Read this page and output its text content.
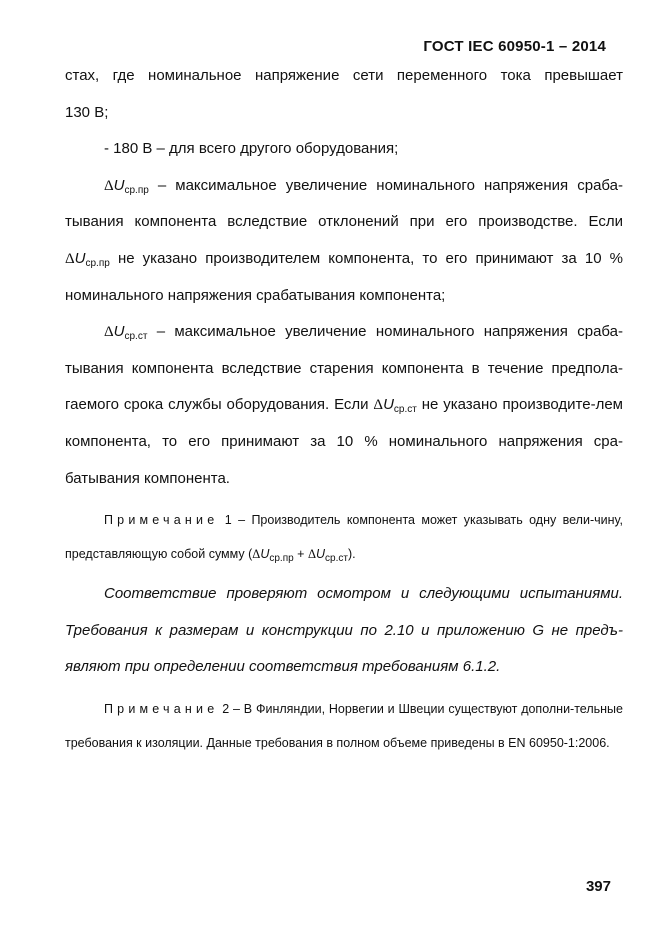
ГОСТ IEC 60950-1 – 2014

стах, где номинальное напряжение сети переменного тока превышает

130 В;

- 180 В – для всего другого оборудования;

$\Delta U_{ср.пр}$ – максимальное увеличение номинального напряжения сраба-тывания компонента вследствие отклонений при его производстве. Если $\Delta U_{ср.пр}$ не указано производителем компонента, то его принимают за 10 % номинального напряжения срабатывания компонента;

$\Delta U_{ср.ст}$ – максимальное увеличение номинального напряжения сраба-тывания компонента вследствие старения компонента в течение предпола-гаемого срока службы оборудования. Если $\Delta U_{ср.ст}$ не указано производите-лем компонента, то его принимают за 10 % номинального напряжения сра-батывания компонента.

Примечание 1 – Производитель компонента может указывать одну вели-чину, представляющую собой сумму $(\Delta U_{ср.пр} + \Delta U_{ср.ст})$.

Соответствие проверяют осмотром и следующими испытаниями. Требования к размерам и конструкции по 2.10 и приложению G не предъ-являют при определении соответствия требованиям 6.1.2.

Примечание 2 – В Финляндии, Норвегии и Швеции существуют дополни-тельные требования к изоляции. Данные требования в полном объеме приведены в EN 60950-1:2006.

397
